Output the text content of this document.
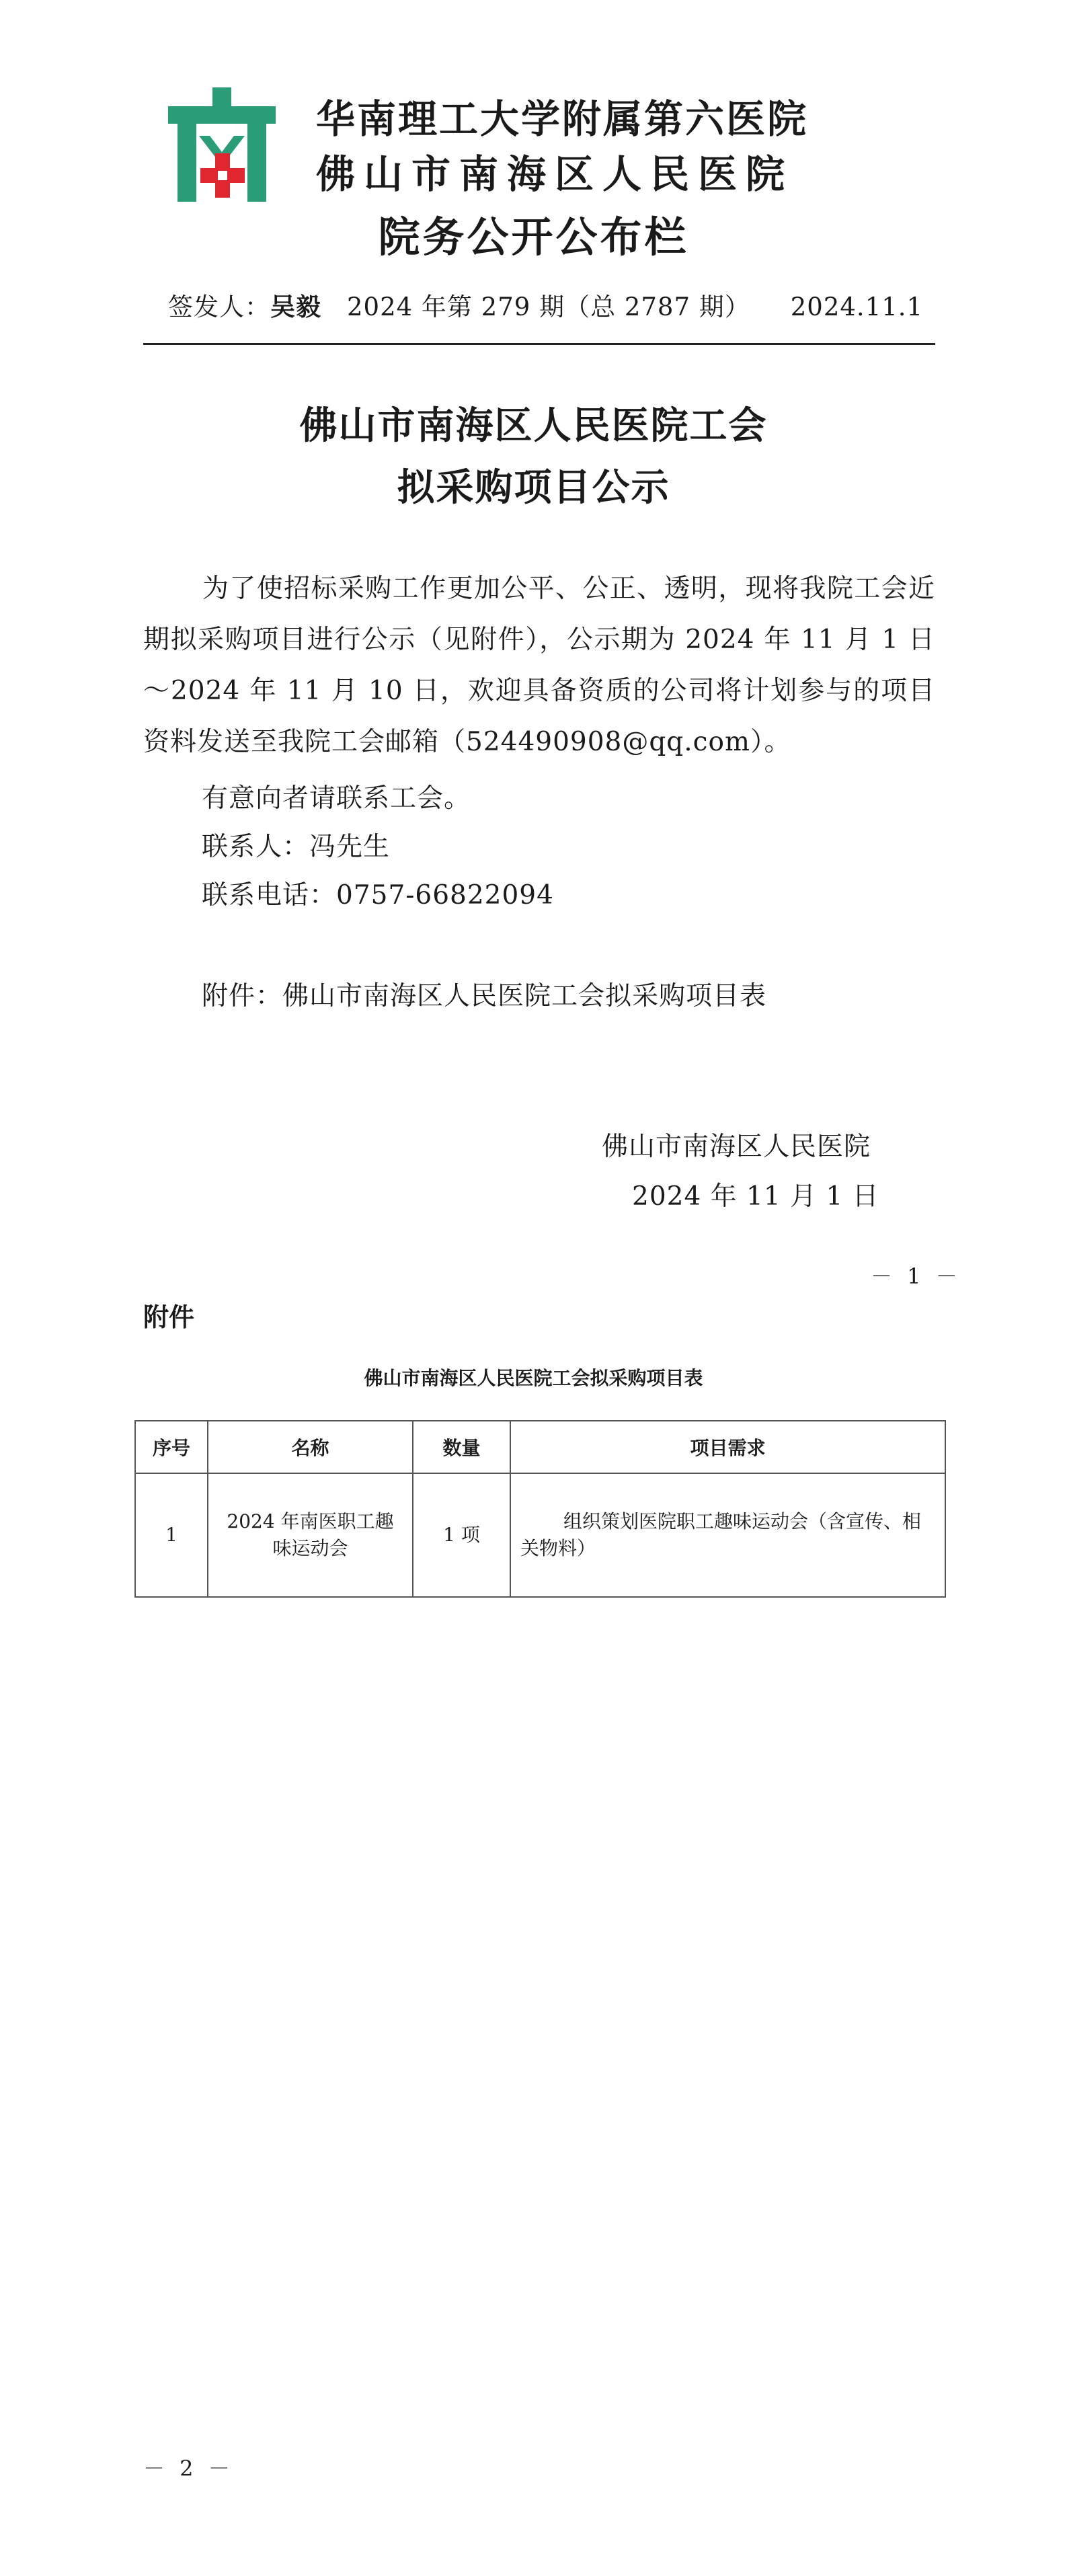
华南理工大学附属第六医院
佛山市南海区人民医院
院务公开公布栏
签发人：吴毅 2024 年第 279 期（总 2787 期） 2024.11.1
佛山市南海区人民医院工会
拟采购项目公示
为了使招标采购工作更加公平、公正、透明，现将我院工会近期拟采购项目进行公示（见附件），公示期为 2024 年 11 月 1 日～2024 年 11 月 10 日，欢迎具备资质的公司将计划参与的项目资料发送至我院工会邮箱（524490908@qq.com）。
有意向者请联系工会。
联系人：冯先生
联系电话：0757-66822094
附件：佛山市南海区人民医院工会拟采购项目表
佛山市南海区人民医院
2024 年 11 月 1 日
－ 1 －
附件
佛山市南海区人民医院工会拟采购项目表
序号	名称	数量	项目需求
1	2024 年南医职工趣味运动会	1 项	组织策划医院职工趣味运动会（含宣传、相关物料）
－ 2 －
